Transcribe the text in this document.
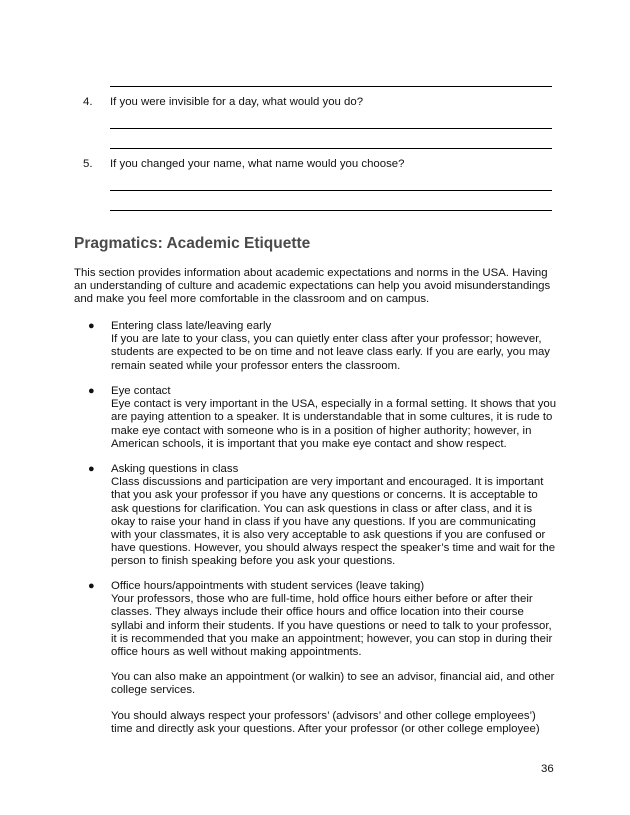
4. If you were invisible for a day, what would you do?
5. If you changed your name, what name would you choose?
Pragmatics: Academic Etiquette

This section provides information about academic expectations and norms in the USA. Having an understanding of culture and academic expectations can help you avoid misunderstandings and make you feel more comfortable in the classroom and on campus.

● Entering class late/leaving early
If you are late to your class, you can quietly enter class after your professor; however, students are expected to be on time and not leave class early. If you are early, you may remain seated while your professor enters the classroom.
● Eye contact
Eye contact is very important in the USA, especially in a formal setting. It shows that you are paying attention to a speaker. It is understandable that in some cultures, it is rude to make eye contact with someone who is in a position of higher authority; however, in American schools, it is important that you make eye contact and show respect.
● Asking questions in class
Class discussions and participation are very important and encouraged. It is important that you ask your professor if you have any questions or concerns. It is acceptable to ask questions for clarification. You can ask questions in class or after class, and it is okay to raise your hand in class if you have any questions. If you are communicating with your classmates, it is also very acceptable to ask questions if you are confused or have questions. However, you should always respect the speaker’s time and wait for the person to finish speaking before you ask your questions.
● Office hours/appointments with student services (leave taking)
Your professors, those who are full-time, hold office hours either before or after their classes. They always include their office hours and office location into their course syllabi and inform their students. If you have questions or need to talk to your professor, it is recommended that you make an appointment; however, you can stop in during their office hours as well without making appointments.

You can also make an appointment (or walkin) to see an advisor, financial aid, and other college services.

You should always respect your professors’ (advisors’ and other college employees’) time and directly ask your questions. After your professor (or other college employee)

36
